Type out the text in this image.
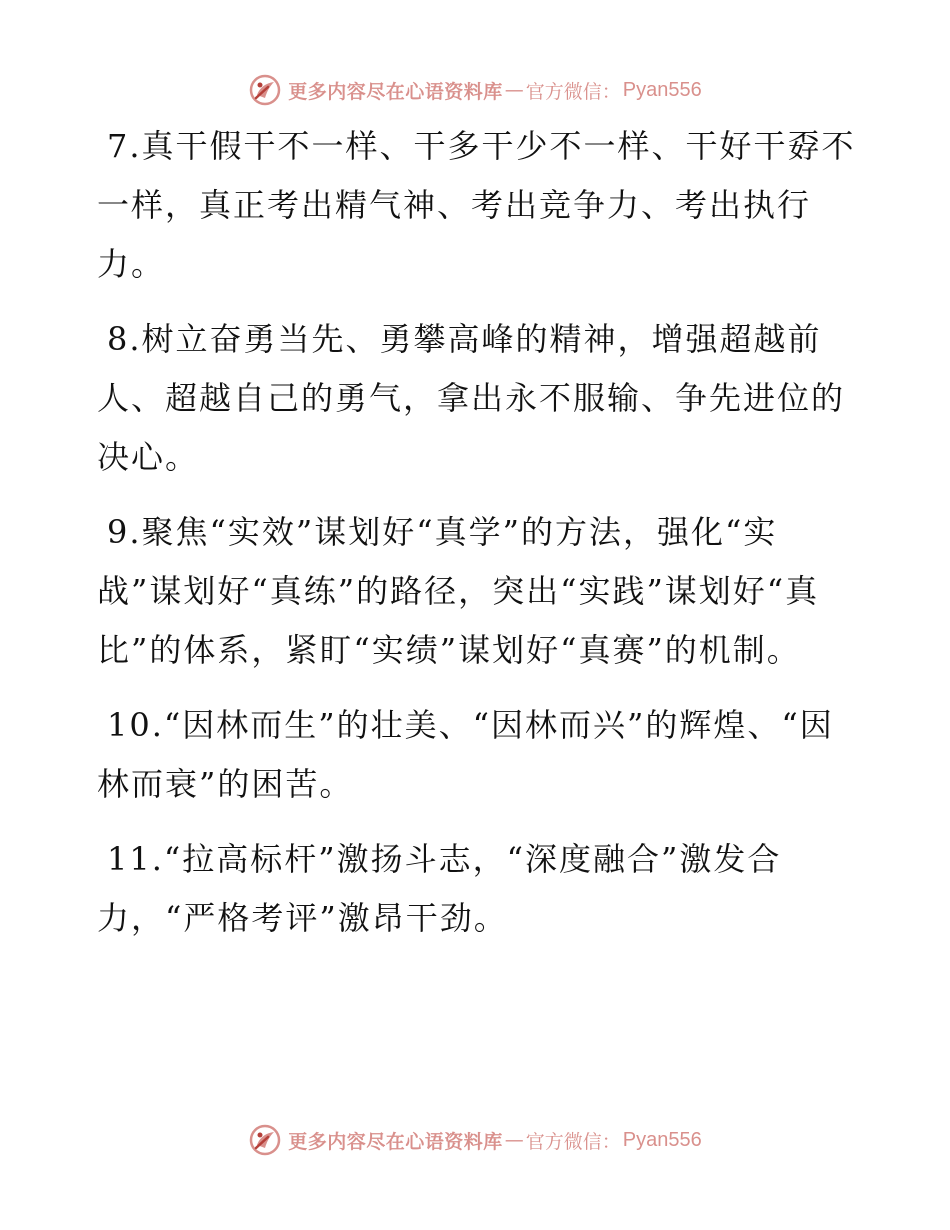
更多内容尽在心语资料库 — 官方微信： Pyan556

7.真干假干不一样、干多干少不一样、干好干孬不一样，真正考出精气神、考出竞争力、考出执行力。

8.树立奋勇当先、勇攀高峰的精神，增强超越前人、超越自己的勇气，拿出永不服输、争先进位的决心。

9.聚焦“实效”谋划好“真学”的方法，强化“实战”谋划好“真练”的路径，突出“实践”谋划好“真比”的体系，紧盯“实绩”谋划好“真赛”的机制。

10.“因林而生”的壮美、“因林而兴”的辉煌、“因林而衰”的困苦。

11.“拉高标杆”激扬斗志，“深度融合”激发合力，“严格考评”激昂干劲。

更多内容尽在心语资料库 — 官方微信： Pyan556
